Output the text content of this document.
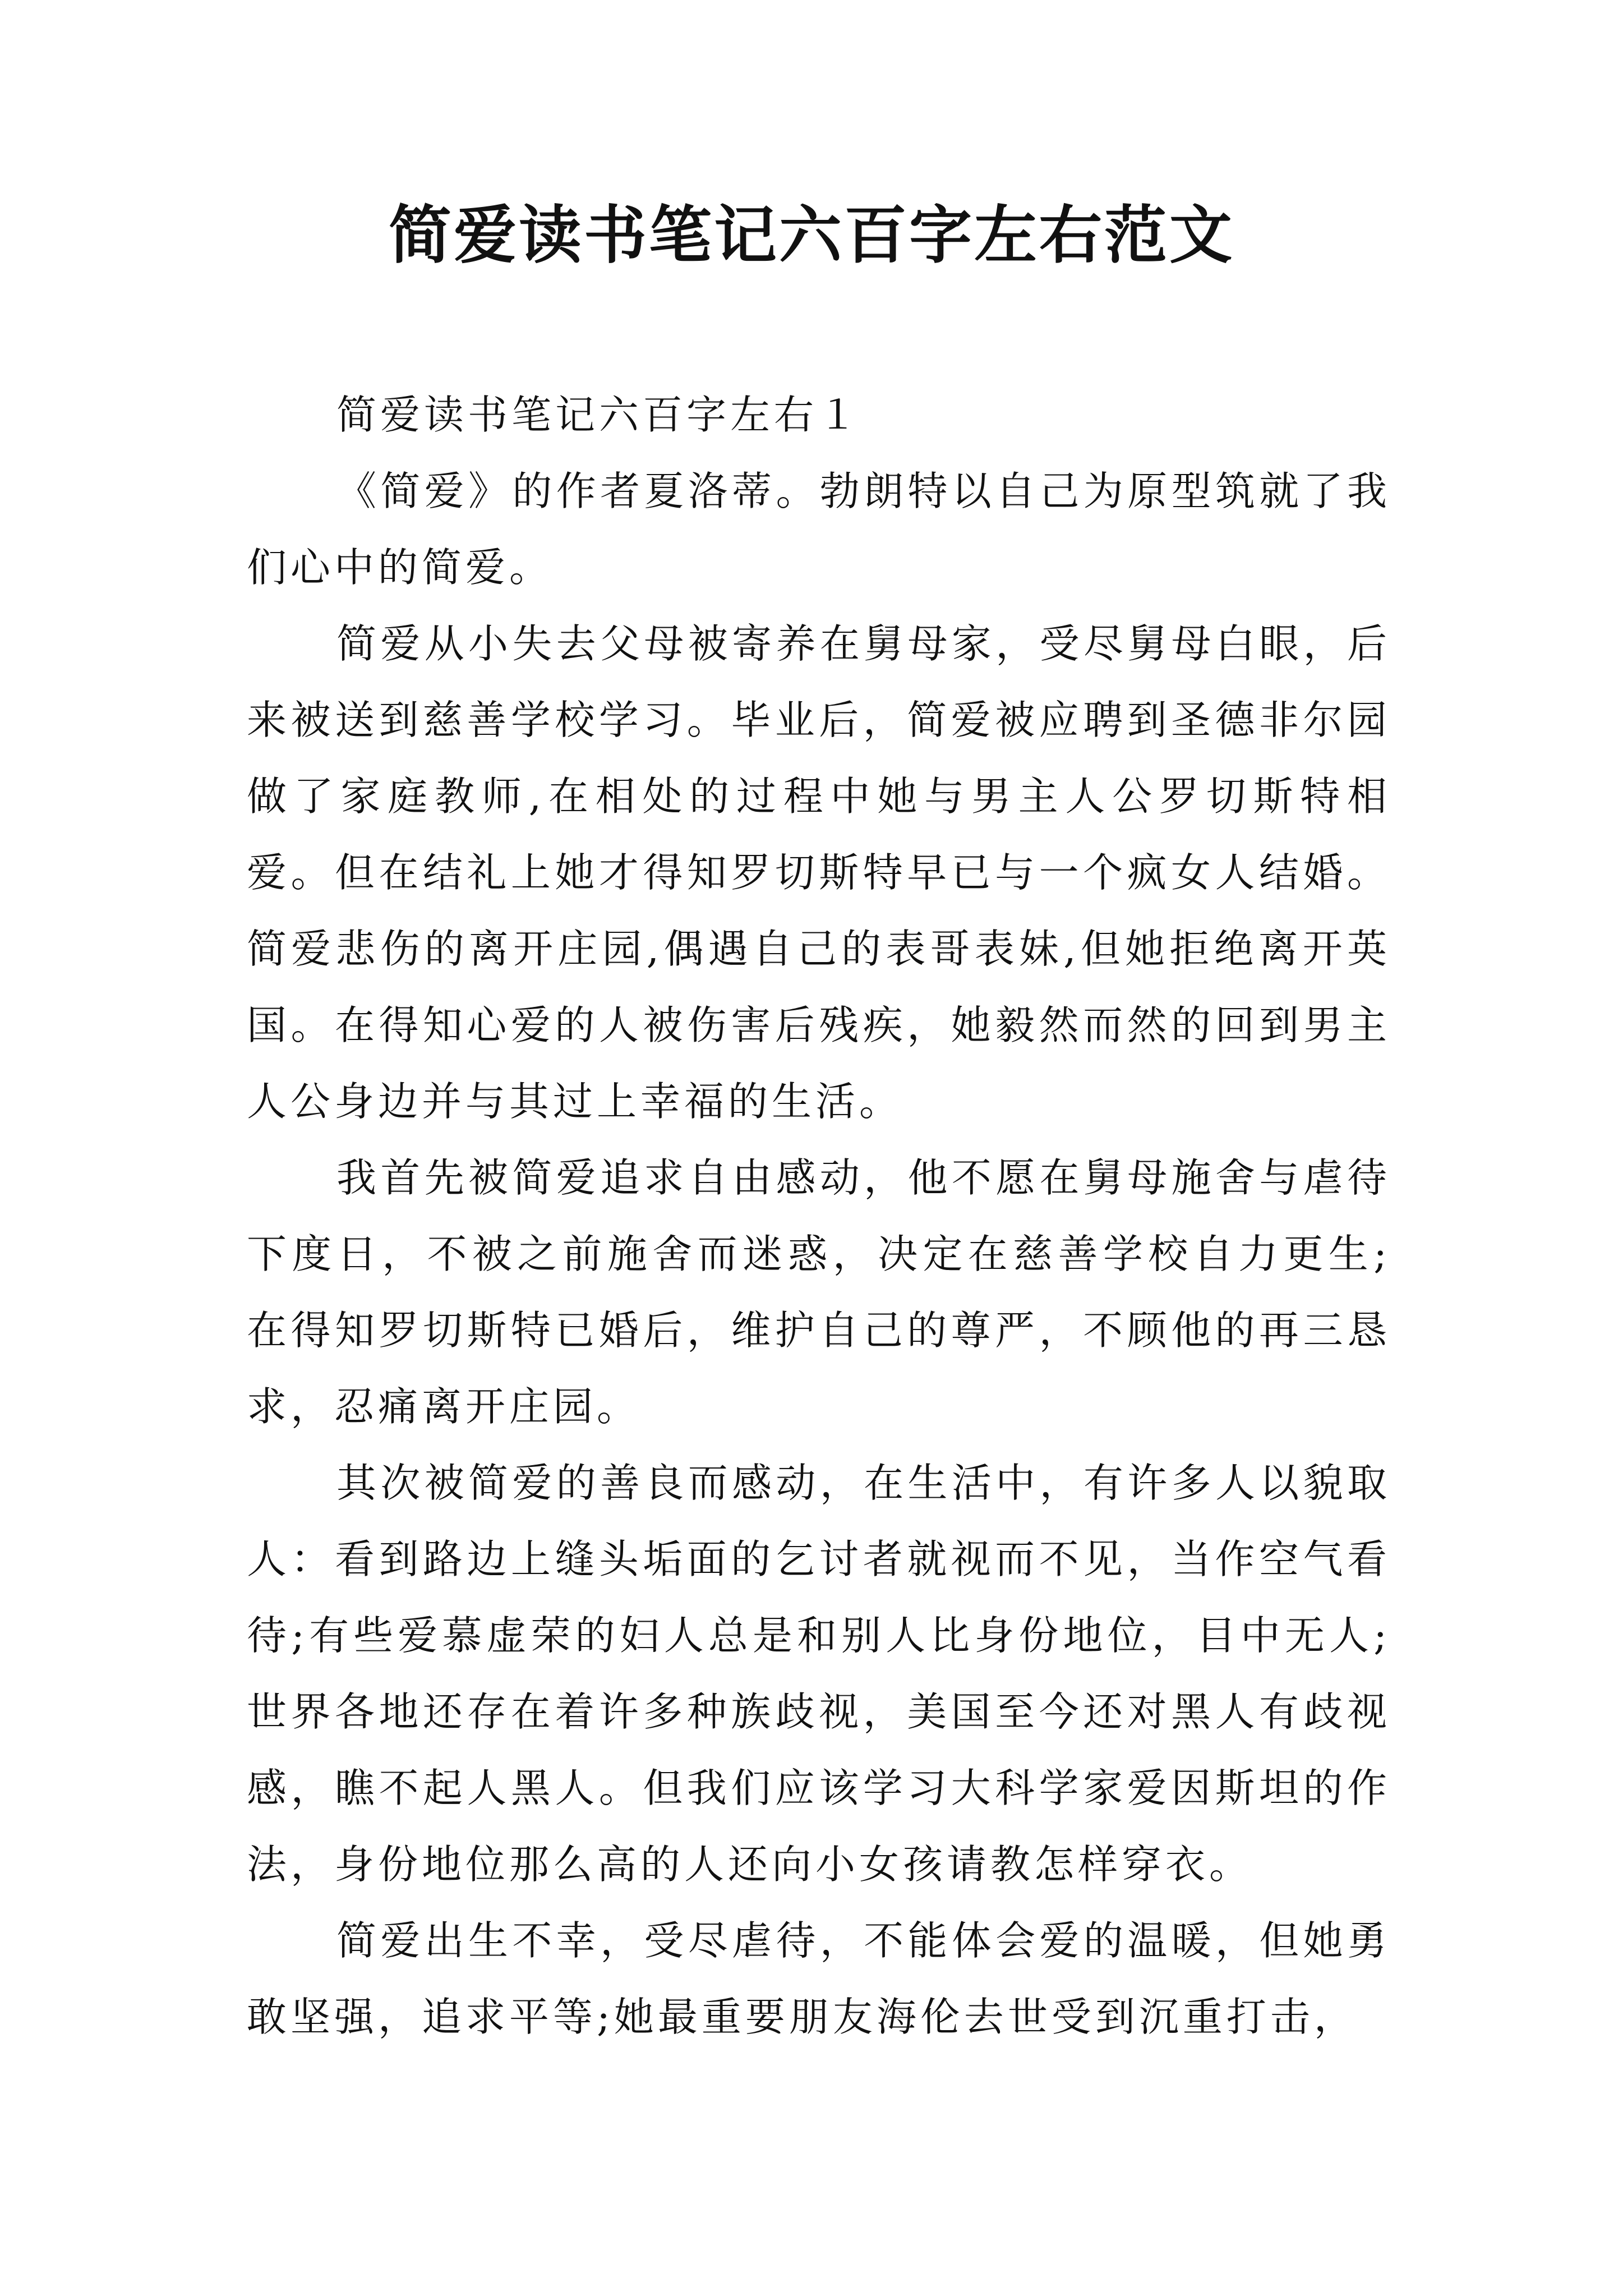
简爱读书笔记六百字左右范文

简爱读书笔记六百字左右１

《简爱》的作者夏洛蒂。勃朗特以自己为原型筑就了我们心中的简爱。

简爱从小失去父母被寄养在舅母家，受尽舅母白眼，后来被送到慈善学校学习。毕业后，简爱被应聘到圣德非尔园做了家庭教师,在相处的过程中她与男主人公罗切斯特相爱。但在结礼上她才得知罗切斯特早已与一个疯女人结婚。简爱悲伤的离开庄园,偶遇自己的表哥表妹,但她拒绝离开英国。在得知心爱的人被伤害后残疾，她毅然而然的回到男主人公身边并与其过上幸福的生活。

我首先被简爱追求自由感动，他不愿在舅母施舍与虐待下度日，不被之前施舍而迷惑，决定在慈善学校自力更生;在得知罗切斯特已婚后，维护自己的尊严，不顾他的再三恳求，忍痛离开庄园。

其次被简爱的善良而感动，在生活中，有许多人以貌取人：看到路边上缝头垢面的乞讨者就视而不见，当作空气看待;有些爱慕虚荣的妇人总是和别人比身份地位，目中无人;世界各地还存在着许多种族歧视，美国至今还对黑人有歧视感，瞧不起人黑人。但我们应该学习大科学家爱因斯坦的作法，身份地位那么高的人还向小女孩请教怎样穿衣。

简爱出生不幸，受尽虐待，不能体会爱的温暖，但她勇敢坚强，追求平等;她最重要朋友海伦去世受到沉重打击，
